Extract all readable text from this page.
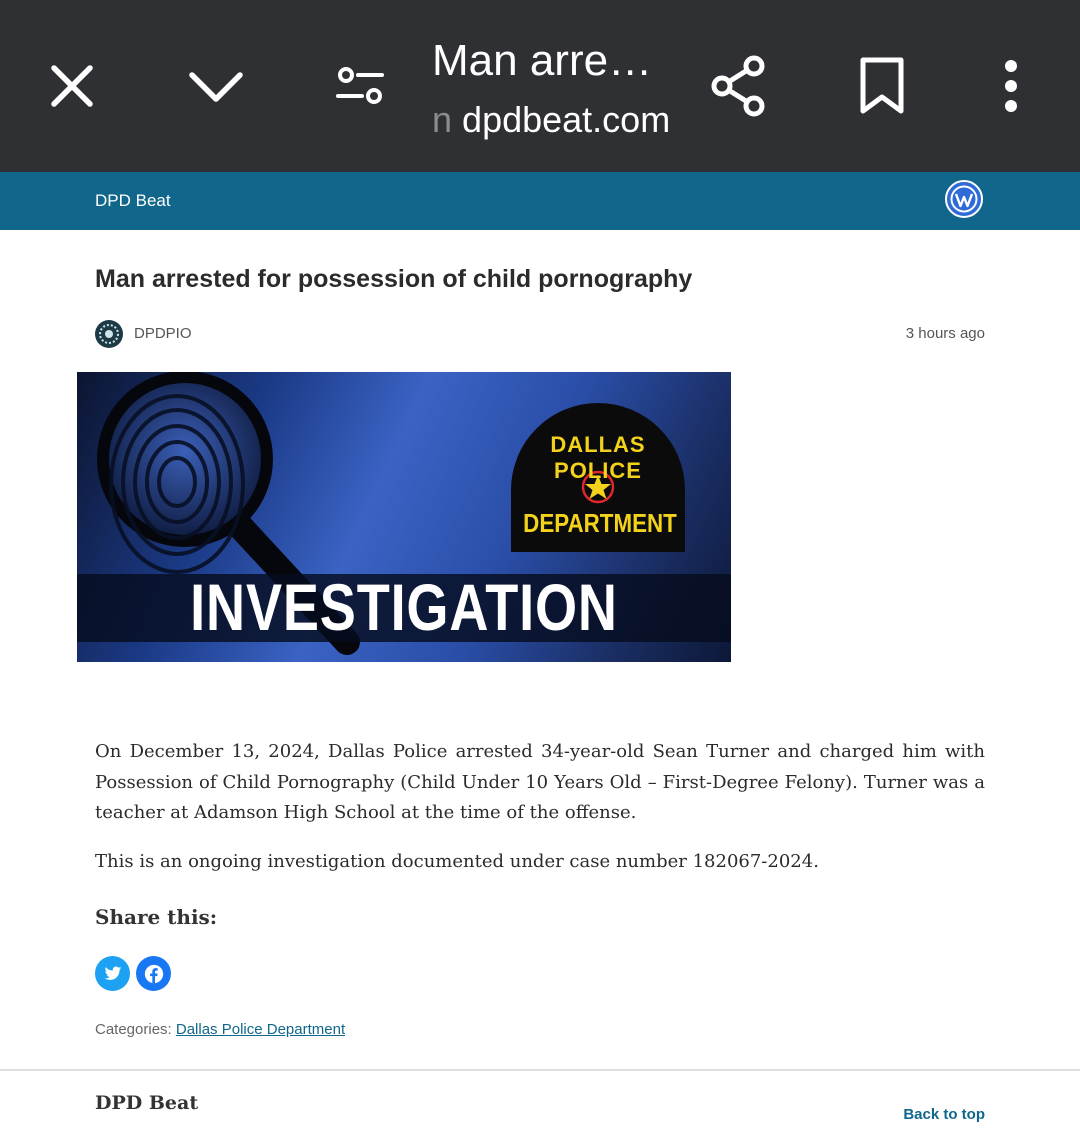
Man arre…
n dpdbeat.com
DPD Beat
Man arrested for possession of child pornography
DPDPIO	3 hours ago
DALLAS POLICE
DEPARTMENT
INVESTIGATION

On December 13, 2024, Dallas Police arrested 34-year-old Sean Turner and charged him with Possession of Child Pornography (Child Under 10 Years Old – First-Degree Felony). Turner was a teacher at Adamson High School at the time of the offense.

This is an ongoing investigation documented under case number 182067-2024.

Share this:
Categories: Dallas Police Department
DPD Beat
Back to top
